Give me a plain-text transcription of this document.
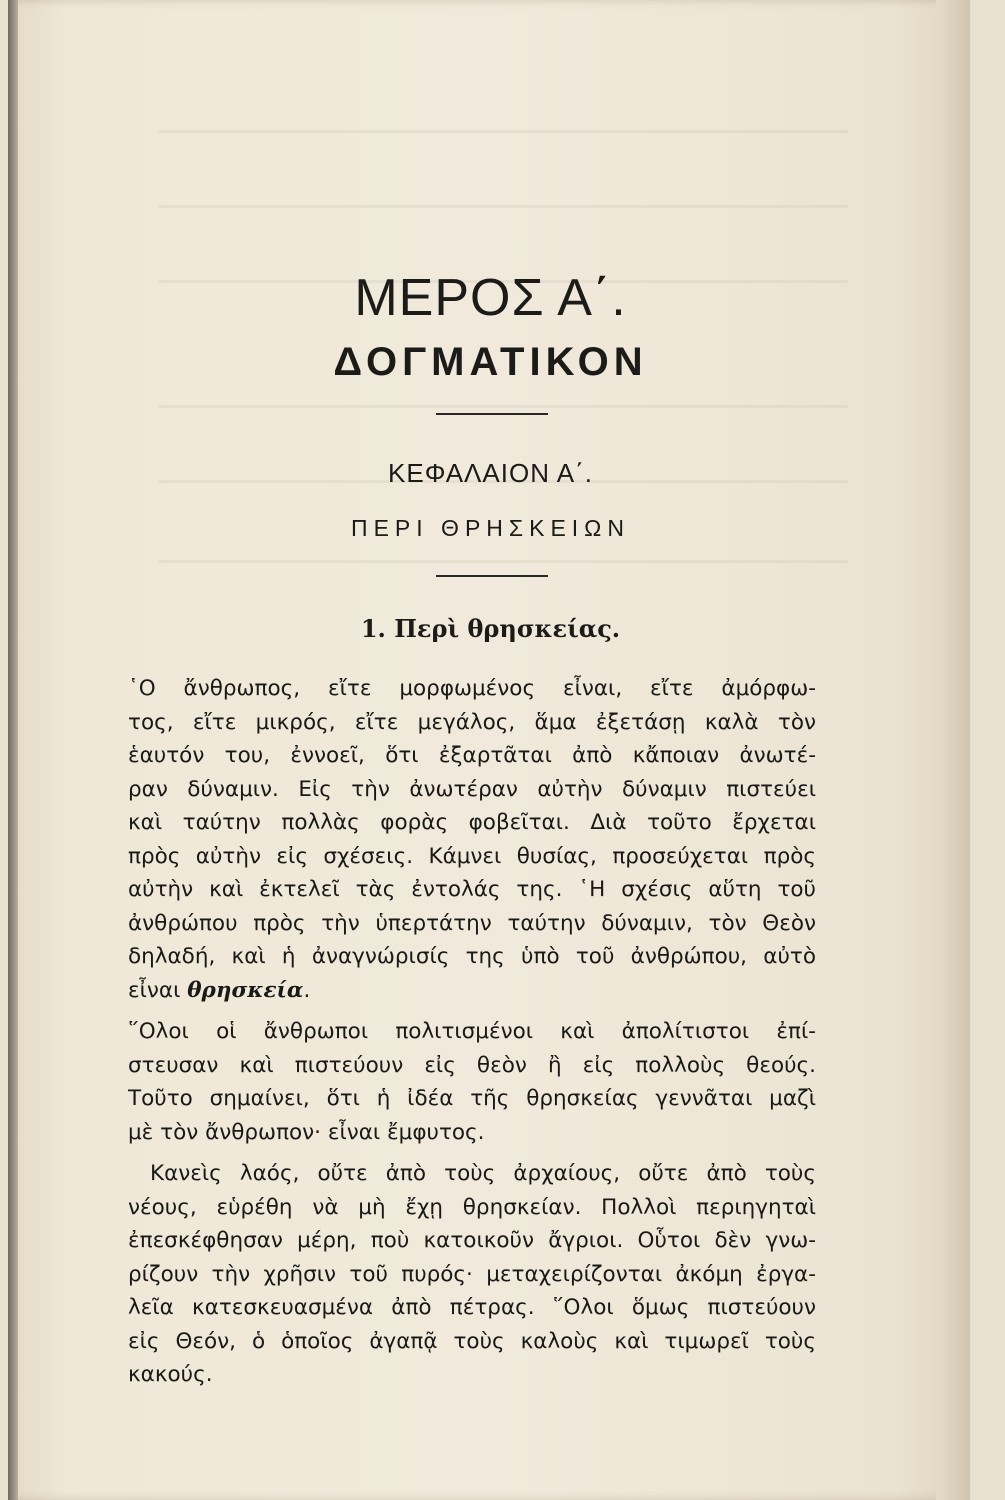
ΜΕΡΟΣ Α΄.
ΔΟΓΜΑΤΙΚΟΝ
ΚΕΦΑΛΑΙΟΝ Α΄.
ΠΕΡΙ ΘΡΗΣΚΕΙΩΝ
1. Περὶ θρησκείας.
῾Ο ἄνθρωπος, εἴτε μορφωμένος εἶναι, εἴτε ἀμόρφω-
τος, εἴτε μικρός, εἴτε μεγάλος, ἅμα ἐξετάσῃ καλὰ τὸν
ἑαυτόν του, ἐννοεῖ, ὅτι ἐξαρτᾶται ἀπὸ κἄποιαν ἀνωτέ-
ραν δύναμιν. Εἰς τὴν ἀνωτέραν αὐτὴν δύναμιν πιστεύει
καὶ ταύτην πολλὰς φορὰς φοβεῖται. Διὰ τοῦτο ἔρχεται
πρὸς αὐτὴν εἰς σχέσεις. Κάμνει θυσίας, προσεύχεται πρὸς
αὐτὴν καὶ ἐκτελεῖ τὰς ἐντολάς της. ῾Η σχέσις αὕτη τοῦ
ἀνθρώπου πρὸς τὴν ὑπερτάτην ταύτην δύναμιν, τὸν Θεὸν
δηλαδή, καὶ ἡ ἀναγνώρισίς της ὑπὸ τοῦ ἀνθρώπου, αὐτὸ
εἶναι θρησκεία.
῞Ολοι οἱ ἄνθρωποι πολιτισμένοι καὶ ἀπολίτιστοι ἐπί-
στευσαν καὶ πιστεύουν εἰς θεὸν ἢ εἰς πολλοὺς θεούς.
Τοῦτο σημαίνει, ὅτι ἡ ἰδέα τῆς θρησκείας γεννᾶται μαζὶ
μὲ τὸν ἄνθρωπον· εἶναι ἔμφυτος.
Κανεὶς λαός, οὔτε ἀπὸ τοὺς ἀρχαίους, οὔτε ἀπὸ τοὺς
νέους, εὑρέθη νὰ μὴ ἔχῃ θρησκείαν. Πολλοὶ περιηγηταὶ
ἐπεσκέφθησαν μέρη, ποὺ κατοικοῦν ἄγριοι. Οὗτοι δὲν γνω-
ρίζουν τὴν χρῆσιν τοῦ πυρός· μεταχειρίζονται ἀκόμη ἐργα-
λεῖα κατεσκευασμένα ἀπὸ πέτρας. ῞Ολοι ὅμως πιστεύουν
εἰς Θεόν, ὁ ὁποῖος ἀγαπᾷ τοὺς καλοὺς καὶ τιμωρεῖ τοὺς
κακούς.
